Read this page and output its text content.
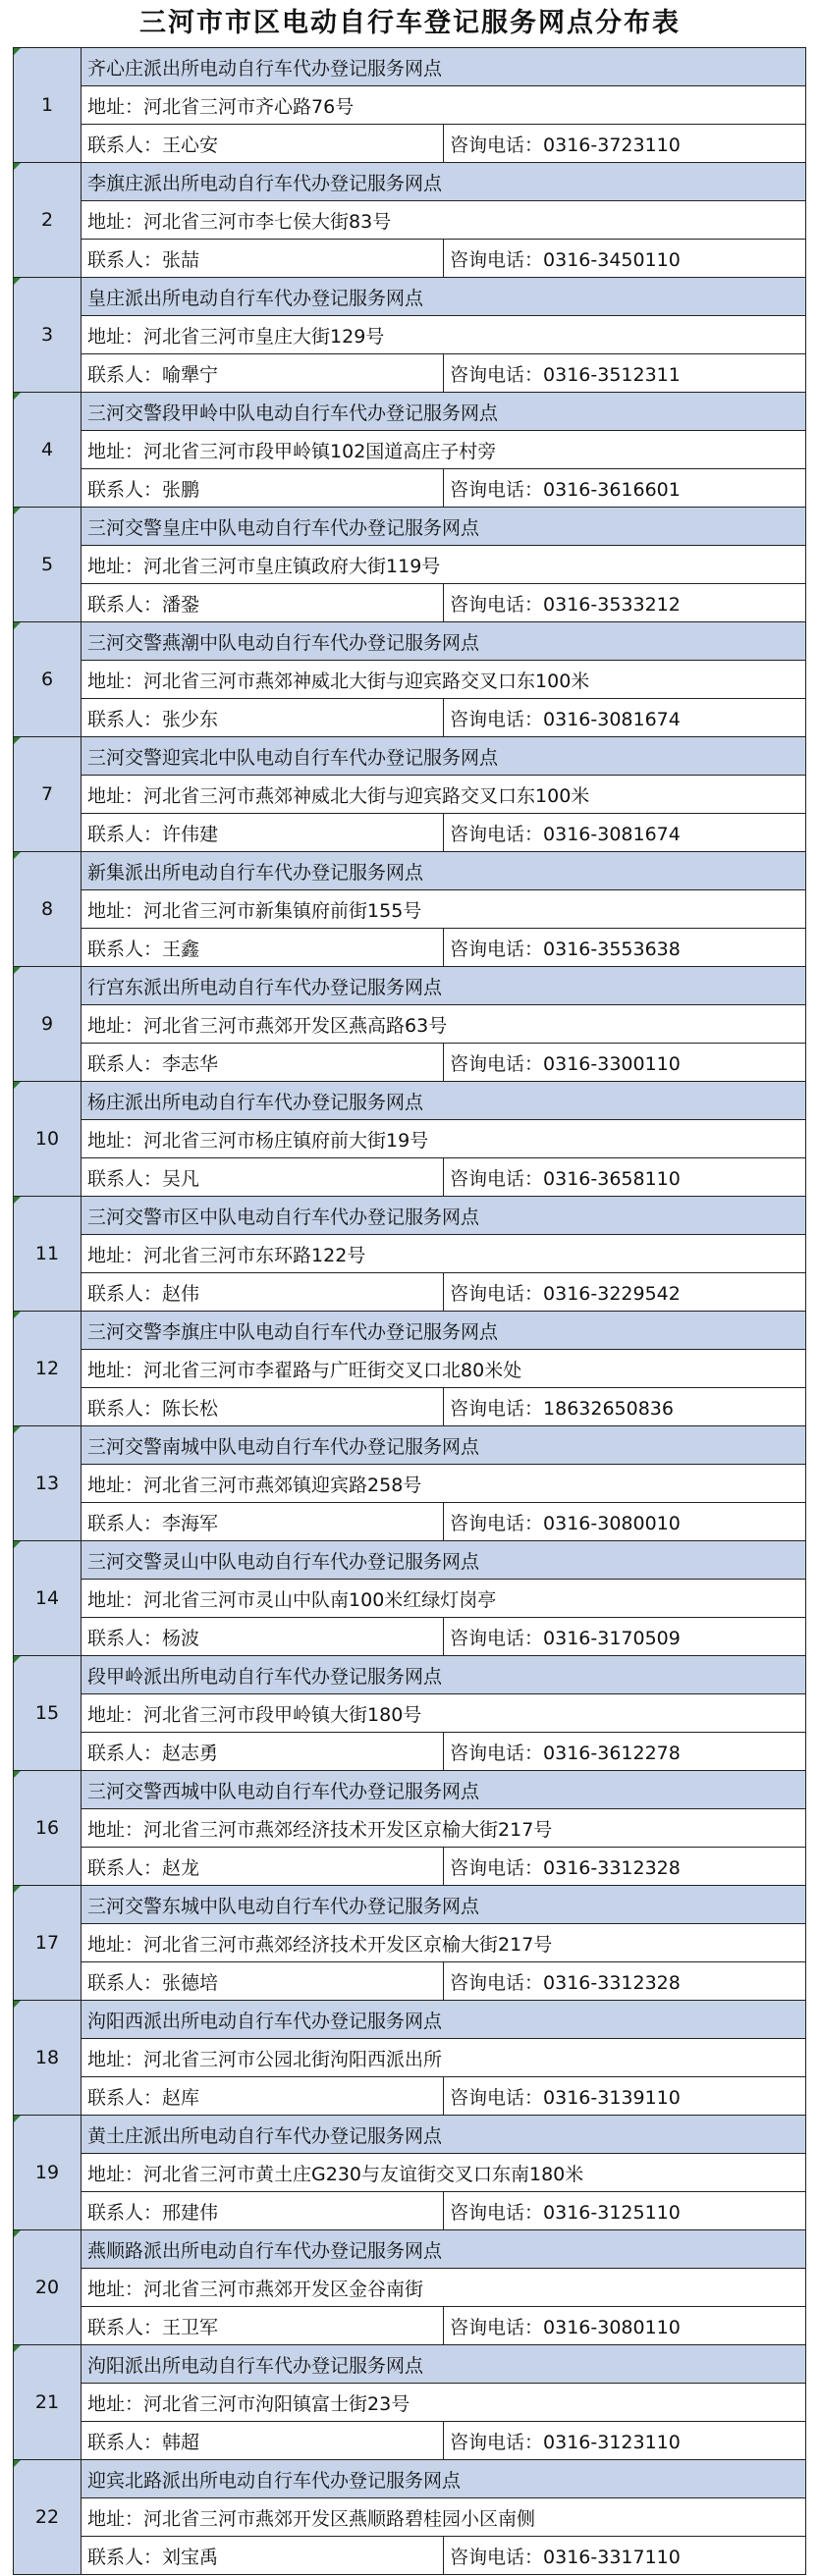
三河市市区电动自行车登记服务网点分布表
1	齐心庄派出所电动自行车代办登记服务网点	
	地址：河北省三河市齐心路76号	
	联系人：王心安	咨询电话：0316-3723110
2	李旗庄派出所电动自行车代办登记服务网点	
	地址：河北省三河市李七侯大街83号	
	联系人：张喆	咨询电话：0316-3450110
3	皇庄派出所电动自行车代办登记服务网点	
	地址：河北省三河市皇庄大街129号	
	联系人：喻犟宁	咨询电话：0316-3512311
4	三河交警段甲岭中队电动自行车代办登记服务网点	
	地址：河北省三河市段甲岭镇102国道高庄子村旁	
	联系人：张鹏	咨询电话：0316-3616601
5	三河交警皇庄中队电动自行车代办登记服务网点	
	地址：河北省三河市皇庄镇政府大街119号	
	联系人：潘銎	咨询电话：0316-3533212
6	三河交警燕潮中队电动自行车代办登记服务网点	
	地址：河北省三河市燕郊神威北大街与迎宾路交叉口东100米	
	联系人：张少东	咨询电话：0316-3081674
7	三河交警迎宾北中队电动自行车代办登记服务网点	
	地址：河北省三河市燕郊神威北大街与迎宾路交叉口东100米	
	联系人：许伟建	咨询电话：0316-3081674
8	新集派出所电动自行车代办登记服务网点	
	地址：河北省三河市新集镇府前街155号	
	联系人：王鑫	咨询电话：0316-3553638
9	行宫东派出所电动自行车代办登记服务网点	
	地址：河北省三河市燕郊开发区燕高路63号	
	联系人：李志华	咨询电话：0316-3300110
10	杨庄派出所电动自行车代办登记服务网点	
	地址：河北省三河市杨庄镇府前大街19号	
	联系人：吴凡	咨询电话：0316-3658110
11	三河交警市区中队电动自行车代办登记服务网点	
	地址：河北省三河市东环路122号	
	联系人：赵伟	咨询电话：0316-3229542
12	三河交警李旗庄中队电动自行车代办登记服务网点	
	地址：河北省三河市李翟路与广旺街交叉口北80米处	
	联系人：陈长松	咨询电话：18632650836
13	三河交警南城中队电动自行车代办登记服务网点	
	地址：河北省三河市燕郊镇迎宾路258号	
	联系人：李海军	咨询电话：0316-3080010
14	三河交警灵山中队电动自行车代办登记服务网点	
	地址：河北省三河市灵山中队南100米红绿灯岗亭	
	联系人：杨波	咨询电话：0316-3170509
15	段甲岭派出所电动自行车代办登记服务网点	
	地址：河北省三河市段甲岭镇大街180号	
	联系人：赵志勇	咨询电话：0316-3612278
16	三河交警西城中队电动自行车代办登记服务网点	
	地址：河北省三河市燕郊经济技术开发区京榆大街217号	
	联系人：赵龙	咨询电话：0316-3312328
17	三河交警东城中队电动自行车代办登记服务网点	
	地址：河北省三河市燕郊经济技术开发区京榆大街217号	
	联系人：张德培	咨询电话：0316-3312328
18	泃阳西派出所电动自行车代办登记服务网点	
	地址：河北省三河市公园北街泃阳西派出所	
	联系人：赵库	咨询电话：0316-3139110
19	黄土庄派出所电动自行车代办登记服务网点	
	地址：河北省三河市黄土庄G230与友谊街交叉口东南180米	
	联系人：邢建伟	咨询电话：0316-3125110
20	燕顺路派出所电动自行车代办登记服务网点	
	地址：河北省三河市燕郊开发区金谷南街	
	联系人：王卫军	咨询电话：0316-3080110
21	泃阳派出所电动自行车代办登记服务网点	
	地址：河北省三河市泃阳镇富士街23号	
	联系人：韩超	咨询电话：0316-3123110
22	迎宾北路派出所电动自行车代办登记服务网点	
	地址：河北省三河市燕郊开发区燕顺路碧桂园小区南侧	
	联系人：刘宝禹	咨询电话：0316-3317110
